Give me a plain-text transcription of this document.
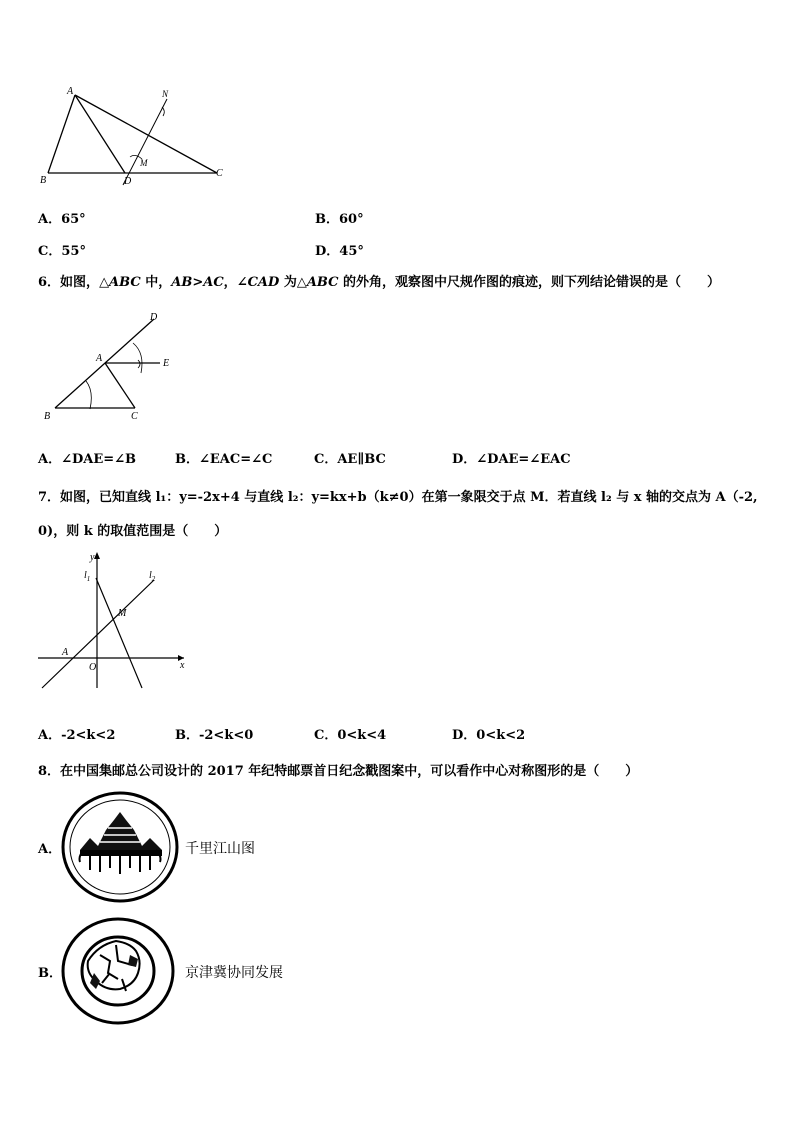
A
B
C
D
M
N
A．65°	B．60°
C．55°	D．45°
6．如图，△ABC 中，AB>AC，∠CAD 为△ABC 的外角，观察图中尺规作图的痕迹，则下列结论错误的是（　　）
A
B	C
D
E
A．∠DAE=∠B	B．∠EAC=∠C	C．AE∥BC	D．∠DAE=∠EAC
7．如图，已知直线 l₁：y=-2x+4 与直线 l₂：y=kx+b（k≠0）在第一象限交于点 M．若直线 l₂ 与 x 轴的交点为 A（-2,
0)，则 k 的取值范围是（　　）
y
x
O
A
M
$l_1$	$l_2$
A．-2<k<2	B．-2<k<0	C．0<k<4	D．0<k<2
8．在中国集邮总公司设计的 2017 年纪特邮票首日纪念戳图案中，可以看作中心对称图形的是（　　）
A．	千里江山图
B．	京津冀协同发展
